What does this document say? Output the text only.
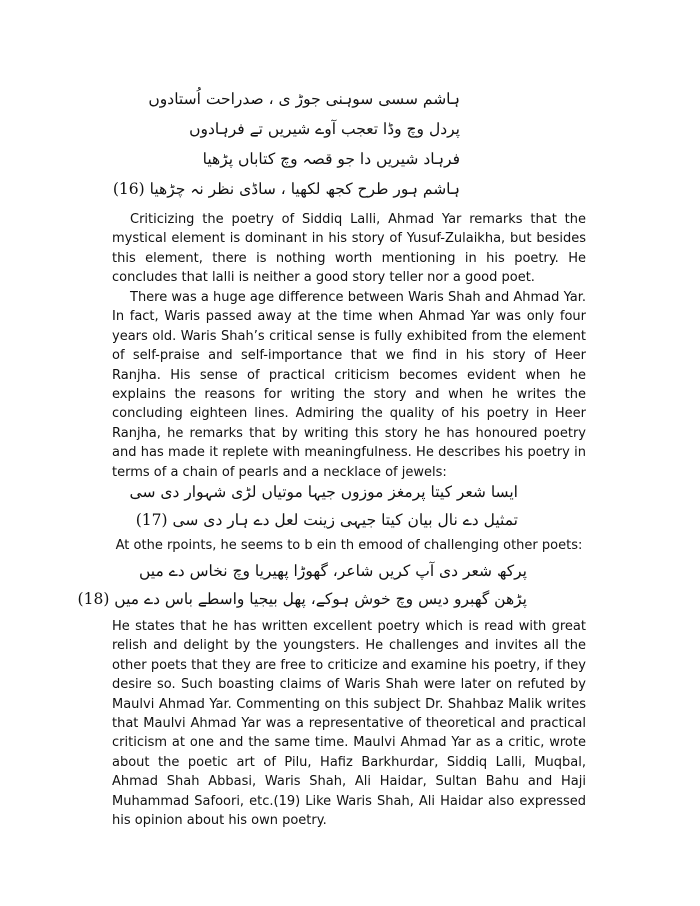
ہاشم سسی سوہنی جوڑ ی ، صدراحت اُستادوں
پردل وچ وڈا تعجب آوے شیریں تے فرہادوں
فرہاد شیریں دا جو قصہ وچ کتاباں پڑھیا
ہاشم ہور طرح کجھ لکھیا ، ساڈی نظر نہ چڑھیا (16)

Criticizing the poetry of Siddiq Lalli, Ahmad Yar remarks that the mystical element is dominant in his story of Yusuf-Zulaikha, but besides this element, there is nothing worth mentioning in his poetry. He concludes that lalli is neither a good story teller nor a good poet.

There was a huge age difference between Waris Shah and Ahmad Yar. In fact, Waris passed away at the time when Ahmad Yar was only four years old. Waris Shah’s critical sense is fully exhibited from the element of self-praise and self-importance that we find in his story of Heer Ranjha. His sense of practical criticism becomes evident when he explains the reasons for writing the story and when he writes the concluding eighteen lines. Admiring the quality of his poetry in Heer Ranjha, he remarks that by writing this story he has honoured poetry and has made it replete with meaningfulness. He describes his poetry in terms of a chain of pearls and a necklace of jewels:

ایسا شعر کیتا پرمغز موزوں جیہا موتیاں لڑی شہوار دی سی
تمثیل دے نال بیان کیتا جیہی زینت لعل دے ہار دی سی (17)

At othe rpoints, he seems to b ein th emood of challenging other poets:

پرکھ شعر دی آپ کریں شاعر، گھوڑا پھیریا وچ نخاس دے میں
پڑھن گھبرو دیس وچ خوش ہوکے، پھل بیجیا واسطے باس دے میں (18)

He states that he has written excellent poetry which is read with great relish and delight by the youngsters. He challenges and invites all the other poets that they are free to criticize and examine his poetry, if they desire so. Such boasting claims of Waris Shah were later on refuted by Maulvi Ahmad Yar. Commenting on this subject Dr. Shahbaz Malik writes that Maulvi Ahmad Yar was a representative of theoretical and practical criticism at one and the same time. Maulvi Ahmad Yar as a critic, wrote about the poetic art of Pilu, Hafiz Barkhurdar, Siddiq Lalli, Muqbal, Ahmad Shah Abbasi, Waris Shah, Ali Haidar, Sultan Bahu and Haji Muhammad Safoori, etc.(19) Like Waris Shah, Ali Haidar also expressed his opinion about his own poetry.
